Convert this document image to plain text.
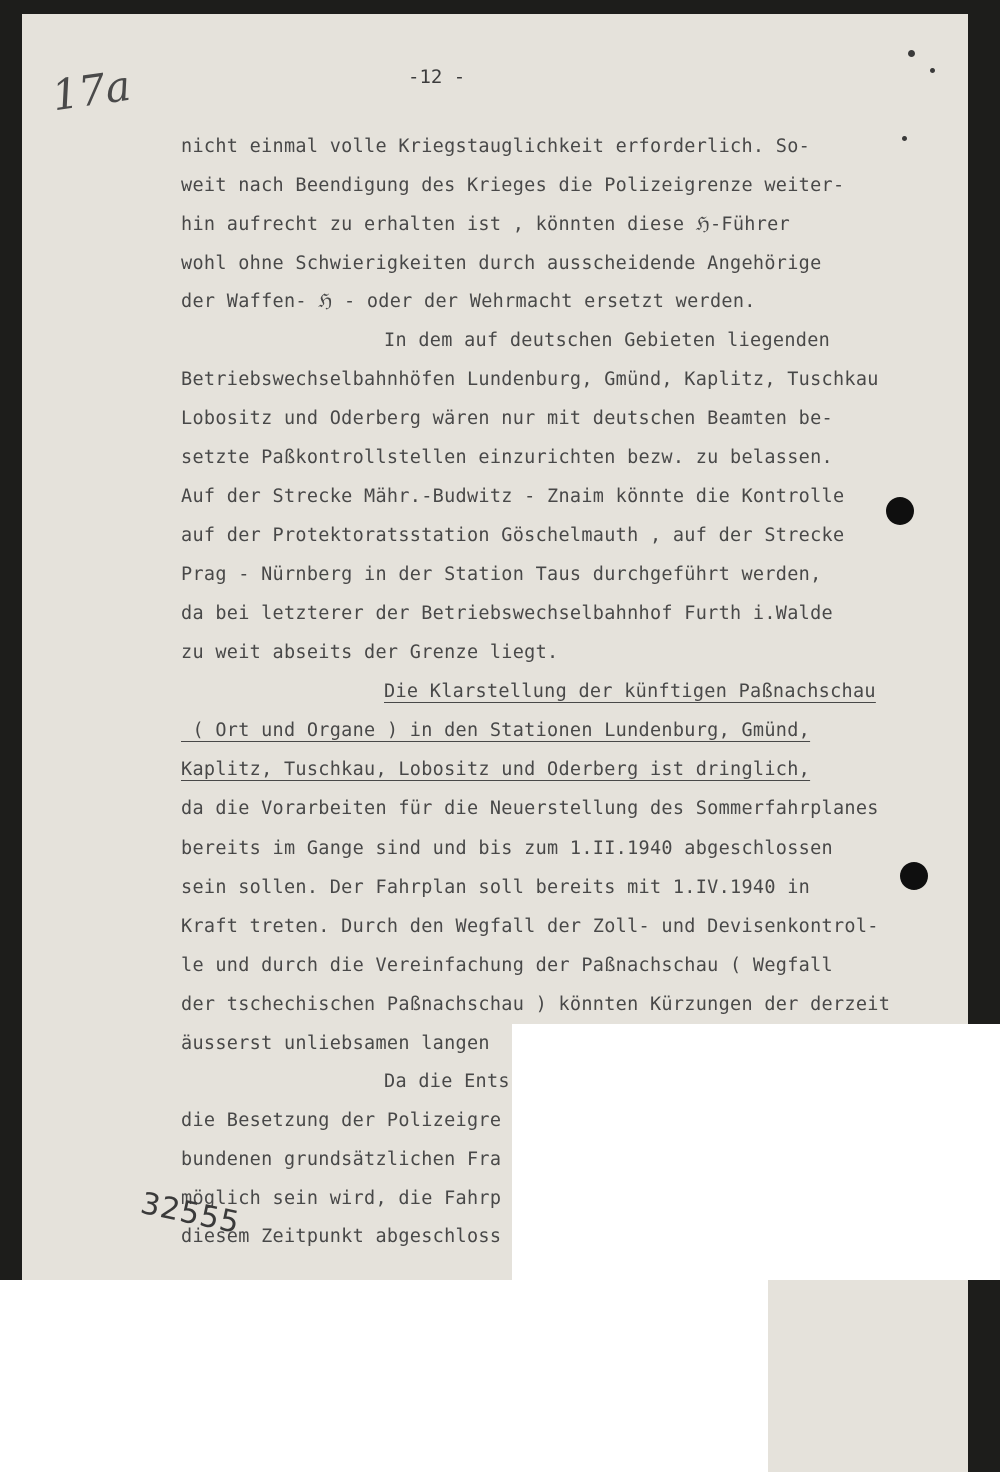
17a	-12 -
nicht einmal volle Kriegstauglichkeit erforderlich. So-
weit nach Beendigung des Krieges die Polizeigrenze weiter-
hin aufrecht zu erhalten ist , könnten diese ℌ-Führer
wohl ohne Schwierigkeiten durch ausscheidende Angehörige
der Waffen- ℌ - oder der Wehrmacht ersetzt werden.
In dem auf deutschen Gebieten liegenden
Betriebswechselbahnhöfen Lundenburg, Gmünd, Kaplitz, Tuschkau
Lobositz und Oderberg wären nur mit deutschen Beamten be-
setzte Paßkontrollstellen einzurichten bezw. zu belassen.
Auf der Strecke Mähr.-Budwitz - Znaim könnte die Kontrolle
auf der Protektoratsstation Göschelmauth , auf der Strecke
Prag - Nürnberg in der Station Taus durchgeführt werden,
da bei letzterer der Betriebswechselbahnhof Furth i.Walde
zu weit abseits der Grenze liegt.
Die Klarstellung der künftigen Paßnachschau
( Ort und Organe ) in den Stationen Lundenburg, Gmünd,
Kaplitz, Tuschkau, Lobositz und Oderberg ist dringlich,
da die Vorarbeiten für die Neuerstellung des Sommerfahrplanes
bereits im Gange sind und bis zum 1.II.1940 abgeschlossen
sein sollen. Der Fahrplan soll bereits mit 1.IV.1940 in
Kraft treten. Durch den Wegfall der Zoll- und Devisenkontrol-
le und durch die Vereinfachung der Paßnachschau ( Wegfall
der tschechischen Paßnachschau ) könnten Kürzungen der derzeit
äusserst unliebsamen langen
Da die Ents
die Besetzung der Polizeigre
bundenen grundsätzlichen Fra
möglich sein wird, die Fahrp
diesem Zeitpunkt abgeschloss
32555
